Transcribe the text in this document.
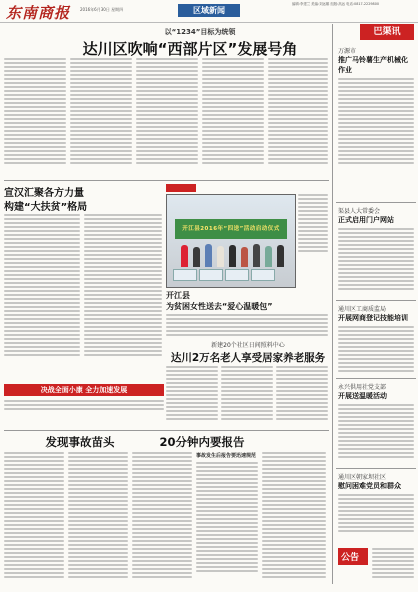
东南商报 2016年6月30日 星期四	区域新闻
编辑:李建兰 美编:刘远娜 组版:高远 电话:0817-2229800
以“1234”目标为统领
达川区吹响“西部片区”发展号角
巴渠讯
万源市
推广马铃薯生产机械化作业
渠县人大常委会
正式启用门户网站
通川区工商质监局
开展网商登记技能培训
永兴供用社党支部
开展送温暖活动
通川区朝家坝社区
慰问困难党员和群众
公告
宣汉汇聚各方力量
构建“大扶贫”格局
开江县2016年“四送”活动启动仪式
开江县
为贫困女性送去“爱心温暖包”
新建20个社区日间照料中心
达川2万名老人享受居家养老服务
决战全面小康 全力加速发展
发现事故苗头	20分钟内要报告
事故发生后报告要迅速规范
